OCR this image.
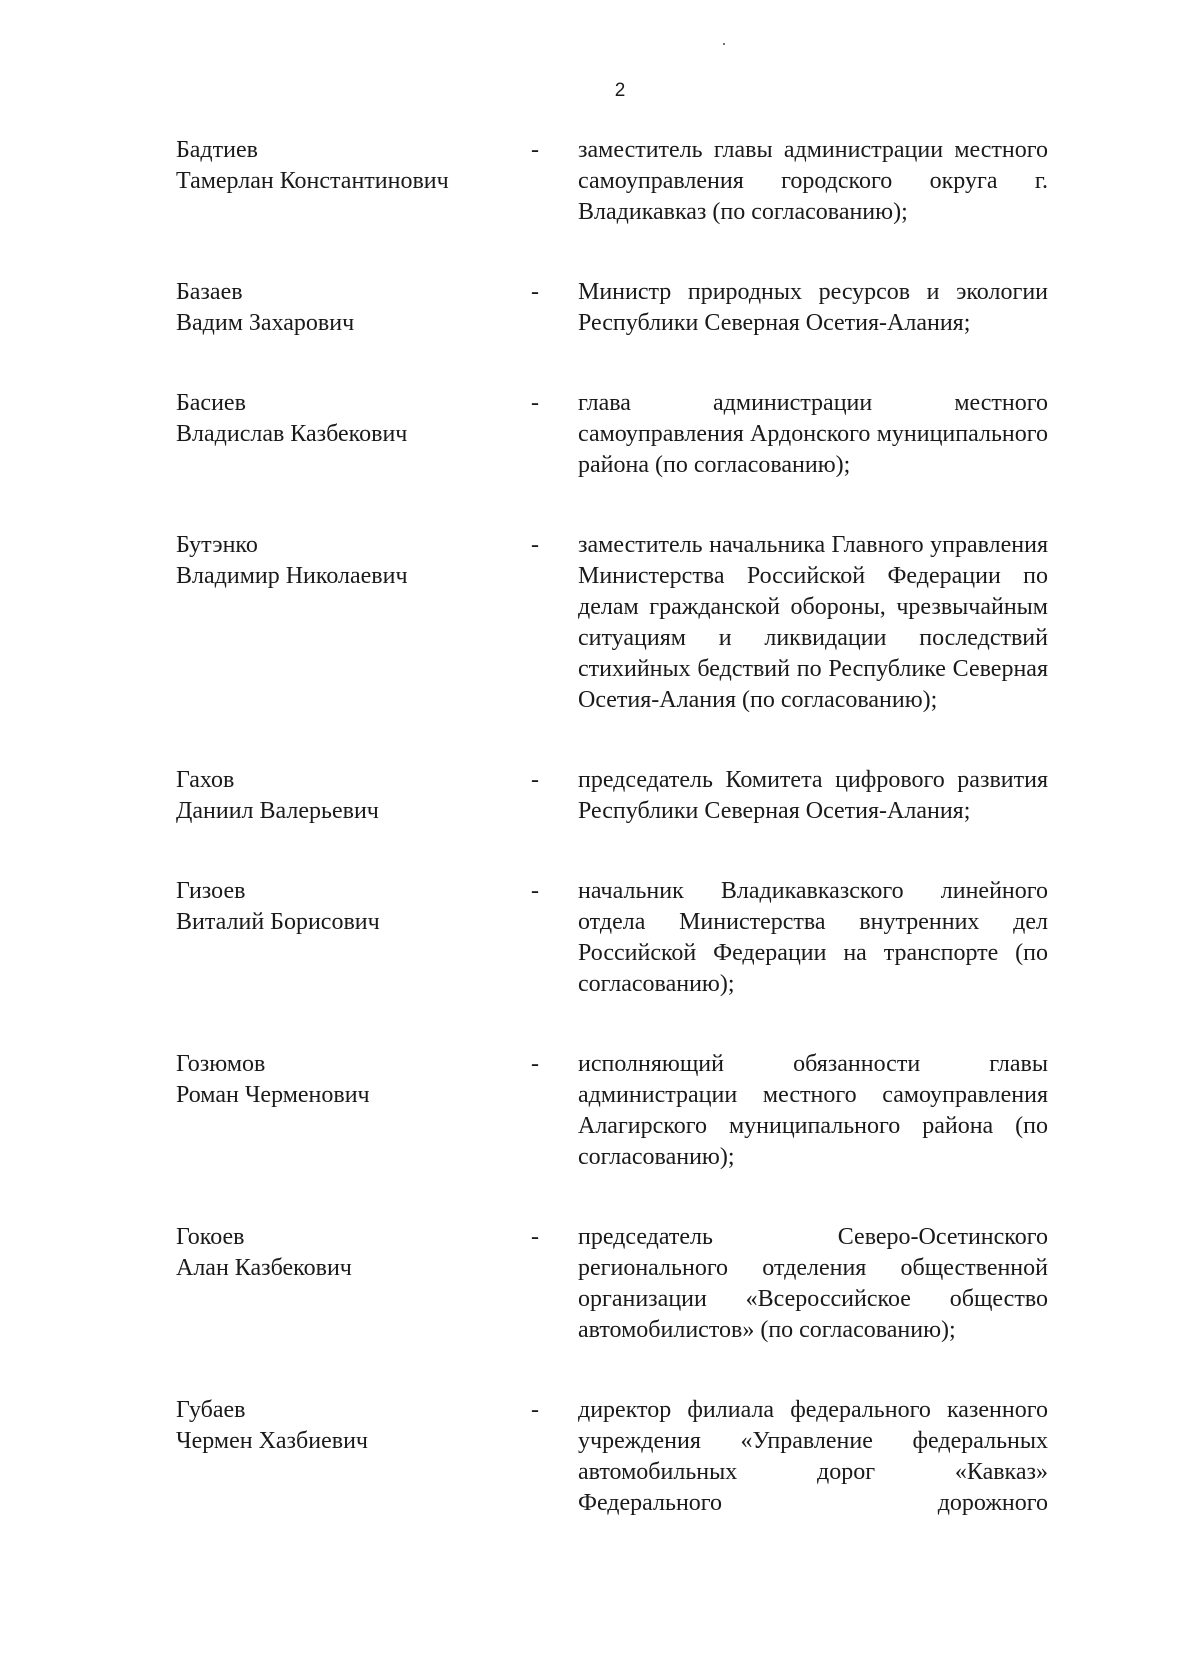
2
Бадтиев
Тамерлан Константинович
- заместитель главы администрации местного самоуправления городского округа г. Владикавказ (по согласованию);
Базаев
Вадим Захарович
- Министр природных ресурсов и экологии Республики Северная Осетия-Алания;
Басиев
Владислав Казбекович
- глава администрации местного самоуправления Ардонского муниципального района (по согласованию);
Бутэнко
Владимир Николаевич
- заместитель начальника Главного управления Министерства Российской Федерации по делам гражданской обороны, чрезвычайным ситуациям и ликвидации последствий стихийных бедствий по Республике Северная Осетия-Алания (по согласованию);
Гахов
Даниил Валерьевич
- председатель Комитета цифрового развития Республики Северная Осетия-Алания;
Гизоев
Виталий Борисович
- начальник Владикавказского линейного отдела Министерства внутренних дел Российской Федерации на транспорте (по согласованию);
Гозюмов
Роман Черменович
- исполняющий обязанности главы администрации местного самоуправления Алагирского муниципального района (по согласованию);
Гокоев
Алан Казбекович
- председатель Северо-Осетинского регионального отделения общественной организации «Всероссийское общество автомобилистов» (по согласованию);
Губаев
Чермен Хазбиевич
- директор филиала федерального казенного учреждения «Управление федеральных автомобильных дорог «Кавказ» Федерального дорожного
